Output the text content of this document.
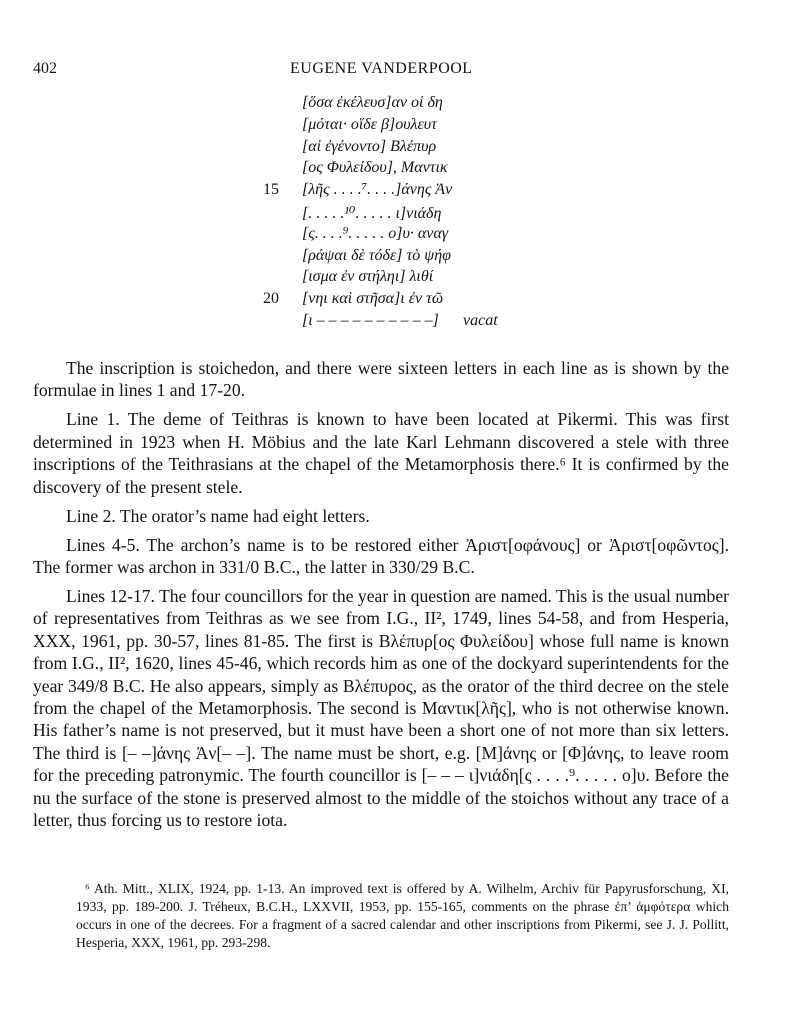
402	EUGENE VANDERPOOL
[ὅσα ἐκέλευσ]αν οἱ δη
[μόται· οἵδε β]ουλευτ
[αἱ ἐγένοντο] Βλέπυρ
[ος Φυλείδου], Μαντικ
15 [λῆς . . . .⁷. . . .]άνης Ἀν
[. . . . .¹⁰. . . . . ι]νιάδη
[ς. . . .⁹. . . . . ο]υ· αναγ
[ράψαι δὲ τόδε] τὸ ψήφ
[ισμα ἐν στήληι] λιθί
20 [νηι καὶ στῆσα]ι ἐν τῶ
[ι – – – – – – – – – –] vacat

The inscription is stoichedon, and there were sixteen letters in each line as is shown by the formulae in lines 1 and 17-20.

Line 1. The deme of Teithras is known to have been located at Pikermi. This was first determined in 1923 when H. Möbius and the late Karl Lehmann discovered a stele with three inscriptions of the Teithrasians at the chapel of the Metamorphosis there.⁶ It is confirmed by the discovery of the present stele.

Line 2. The orator’s name had eight letters.

Lines 4-5. The archon’s name is to be restored either Ἀριστ[οφάνους] or Ἀριστ[οφῶντος]. The former was archon in 331/0 B.C., the latter in 330/29 B.C.

Lines 12-17. The four councillors for the year in question are named. This is the usual number of representatives from Teithras as we see from I.G., II², 1749, lines 54-58, and from Hesperia, XXX, 1961, pp. 30-57, lines 81-85. The first is Βλέπυρ[ος Φυλείδου] whose full name is known from I.G., II², 1620, lines 45-46, which records him as one of the dockyard superintendents for the year 349/8 B.C. He also appears, simply as Βλέπυρος, as the orator of the third decree on the stele from the chapel of the Metamorphosis. The second is Μαντικ[λῆς], who is not otherwise known. His father’s name is not preserved, but it must have been a short one of not more than six letters. The third is [– –]άνης Ἀν[– –]. The name must be short, e.g. [Μ]άνης or [Φ]άνης, to leave room for the preceding patronymic. The fourth councillor is [– – – ι]νιάδη[ς . . . .⁹. . . . . ο]υ. Before the nu the surface of the stone is preserved almost to the middle of the stoichos without any trace of a letter, thus forcing us to restore iota.

⁶ Ath. Mitt., XLIX, 1924, pp. 1-13. An improved text is offered by A. Wilhelm, Archiv für Papyrusforschung, XI, 1933, pp. 189-200. J. Tréheux, B.C.H., LXXVII, 1953, pp. 155-165, comments on the phrase ἐπ’ ἀμφότερα which occurs in one of the decrees. For a fragment of a sacred calendar and other inscriptions from Pikermi, see J. J. Pollitt, Hesperia, XXX, 1961, pp. 293-298.
